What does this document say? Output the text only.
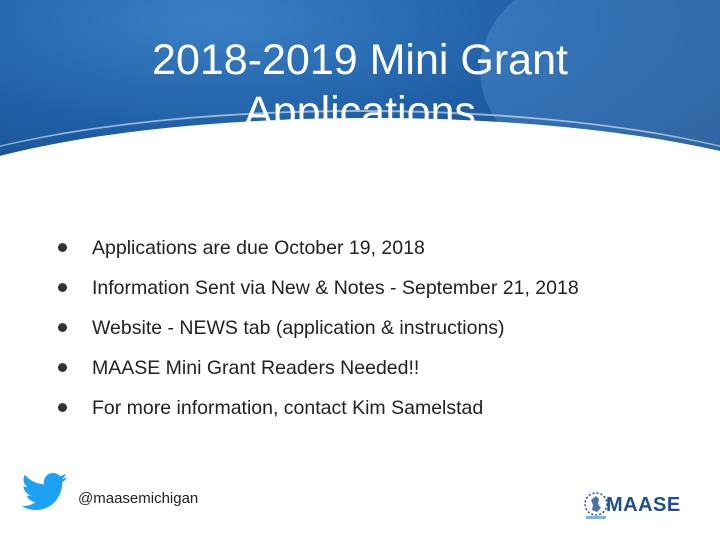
2018-2019 Mini Grant
Applications
Applications are due October 19, 2018
Information Sent via New & Notes - September 21, 2018
Website - NEWS tab (application & instructions)
MAASE Mini Grant Readers Needed!!
For more information, contact Kim Samelstad
@maasemichigan	MAASE
